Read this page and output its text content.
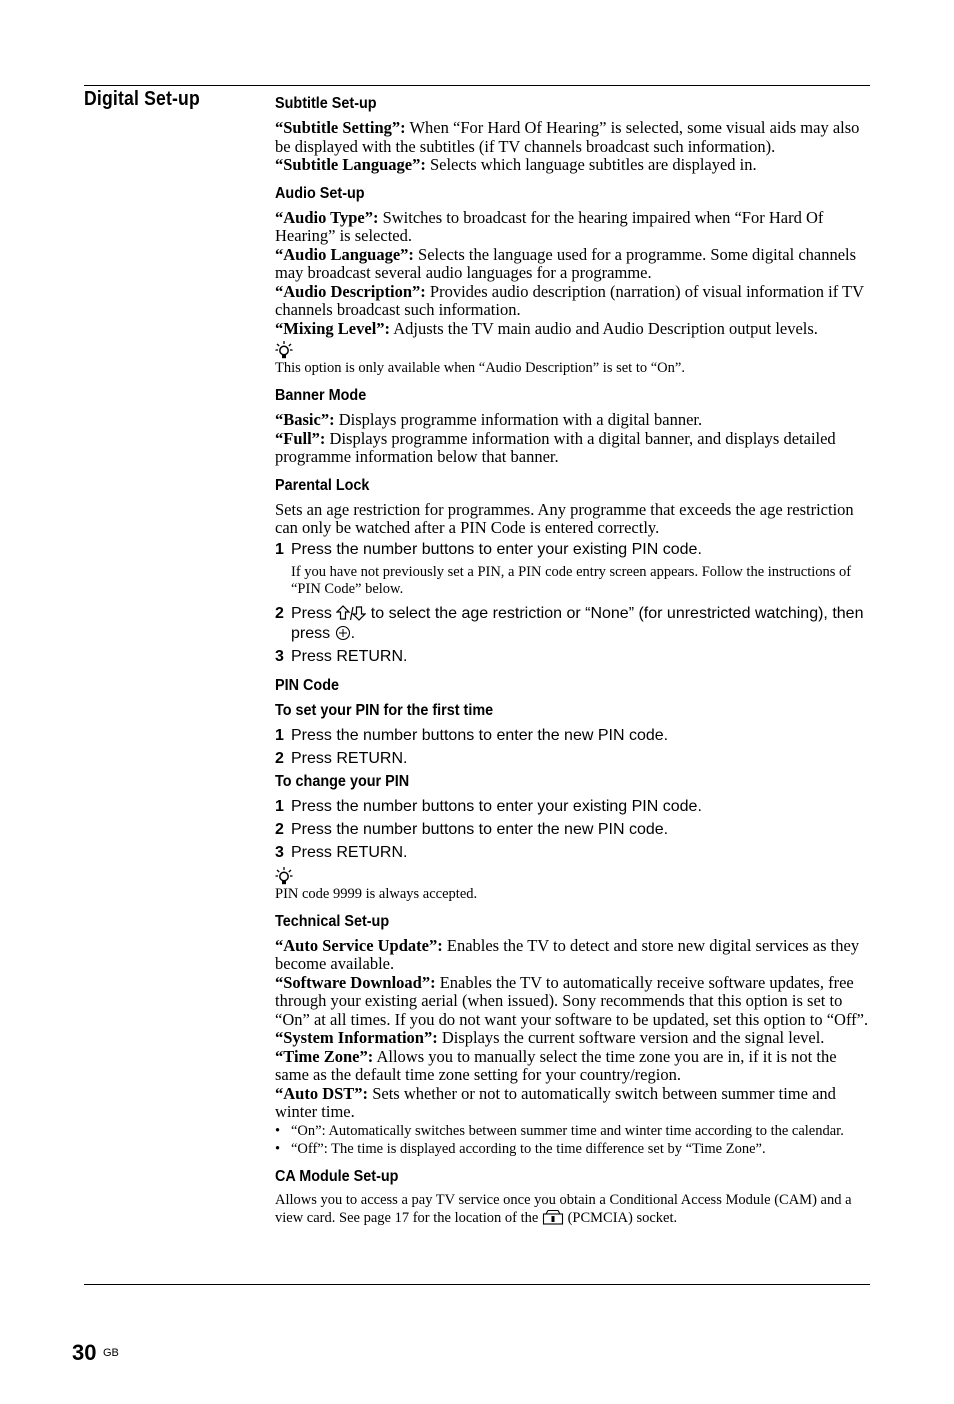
Digital Set-up	Subtitle Set-up

“Subtitle Setting”: When “For Hard Of Hearing” is selected, some visual aids may also be displayed with the subtitles (if TV channels broadcast such information).

“Subtitle Language”: Selects which language subtitles are displayed in.

Audio Set-up

“Audio Type”: Switches to broadcast for the hearing impaired when “For Hard Of Hearing” is selected.

“Audio Language”: Selects the language used for a programme. Some digital channels may broadcast several audio languages for a programme.

“Audio Description”: Provides audio description (narration) of visual information if TV channels broadcast such information.

“Mixing Level”: Adjusts the TV main audio and Audio Description output levels.

This option is only available when “Audio Description” is set to “On”.

Banner Mode

“Basic”: Displays programme information with a digital banner.

“Full”: Displays programme information with a digital banner, and displays detailed programme information below that banner.

Parental Lock

Sets an age restriction for programmes. Any programme that exceeds the age restriction can only be watched after a PIN Code is entered correctly.

1 Press the number buttons to enter your existing PIN code.

If you have not previously set a PIN, a PIN code entry screen appears. Follow the instructions of “PIN Code” below.

2 Press  to select the age restriction or “None” (for unrestricted watching), then press .
3 Press RETURN.
PIN Code
To set your PIN for the first time
1 Press the number buttons to enter the new PIN code.
2 Press RETURN.
To change your PIN
1 Press the number buttons to enter your existing PIN code.
2 Press the number buttons to enter the new PIN code.
3 Press RETURN.

PIN code 9999 is always accepted.

Technical Set-up

“Auto Service Update”: Enables the TV to detect and store new digital services as they become available.

“Software Download”: Enables the TV to automatically receive software updates, free through your existing aerial (when issued). Sony recommends that this option is set to “On” at all times. If you do not want your software to be updated, set this option to “Off”.

“System Information”: Displays the current software version and the signal level.

“Time Zone”: Allows you to manually select the time zone you are in, if it is not the same as the default time zone setting for your country/region.

“Auto DST”: Sets whether or not to automatically switch between summer time and winter time.

• “On”: Automatically switches between summer time and winter time according to the calendar.
• “Off”: The time is displayed according to the time difference set by “Time Zone”.
CA Module Set-up

Allows you to access a pay TV service once you obtain a Conditional Access Module (CAM) and a view card. See page 17 for the location of the  (PCMCIA) socket.

30 GB
